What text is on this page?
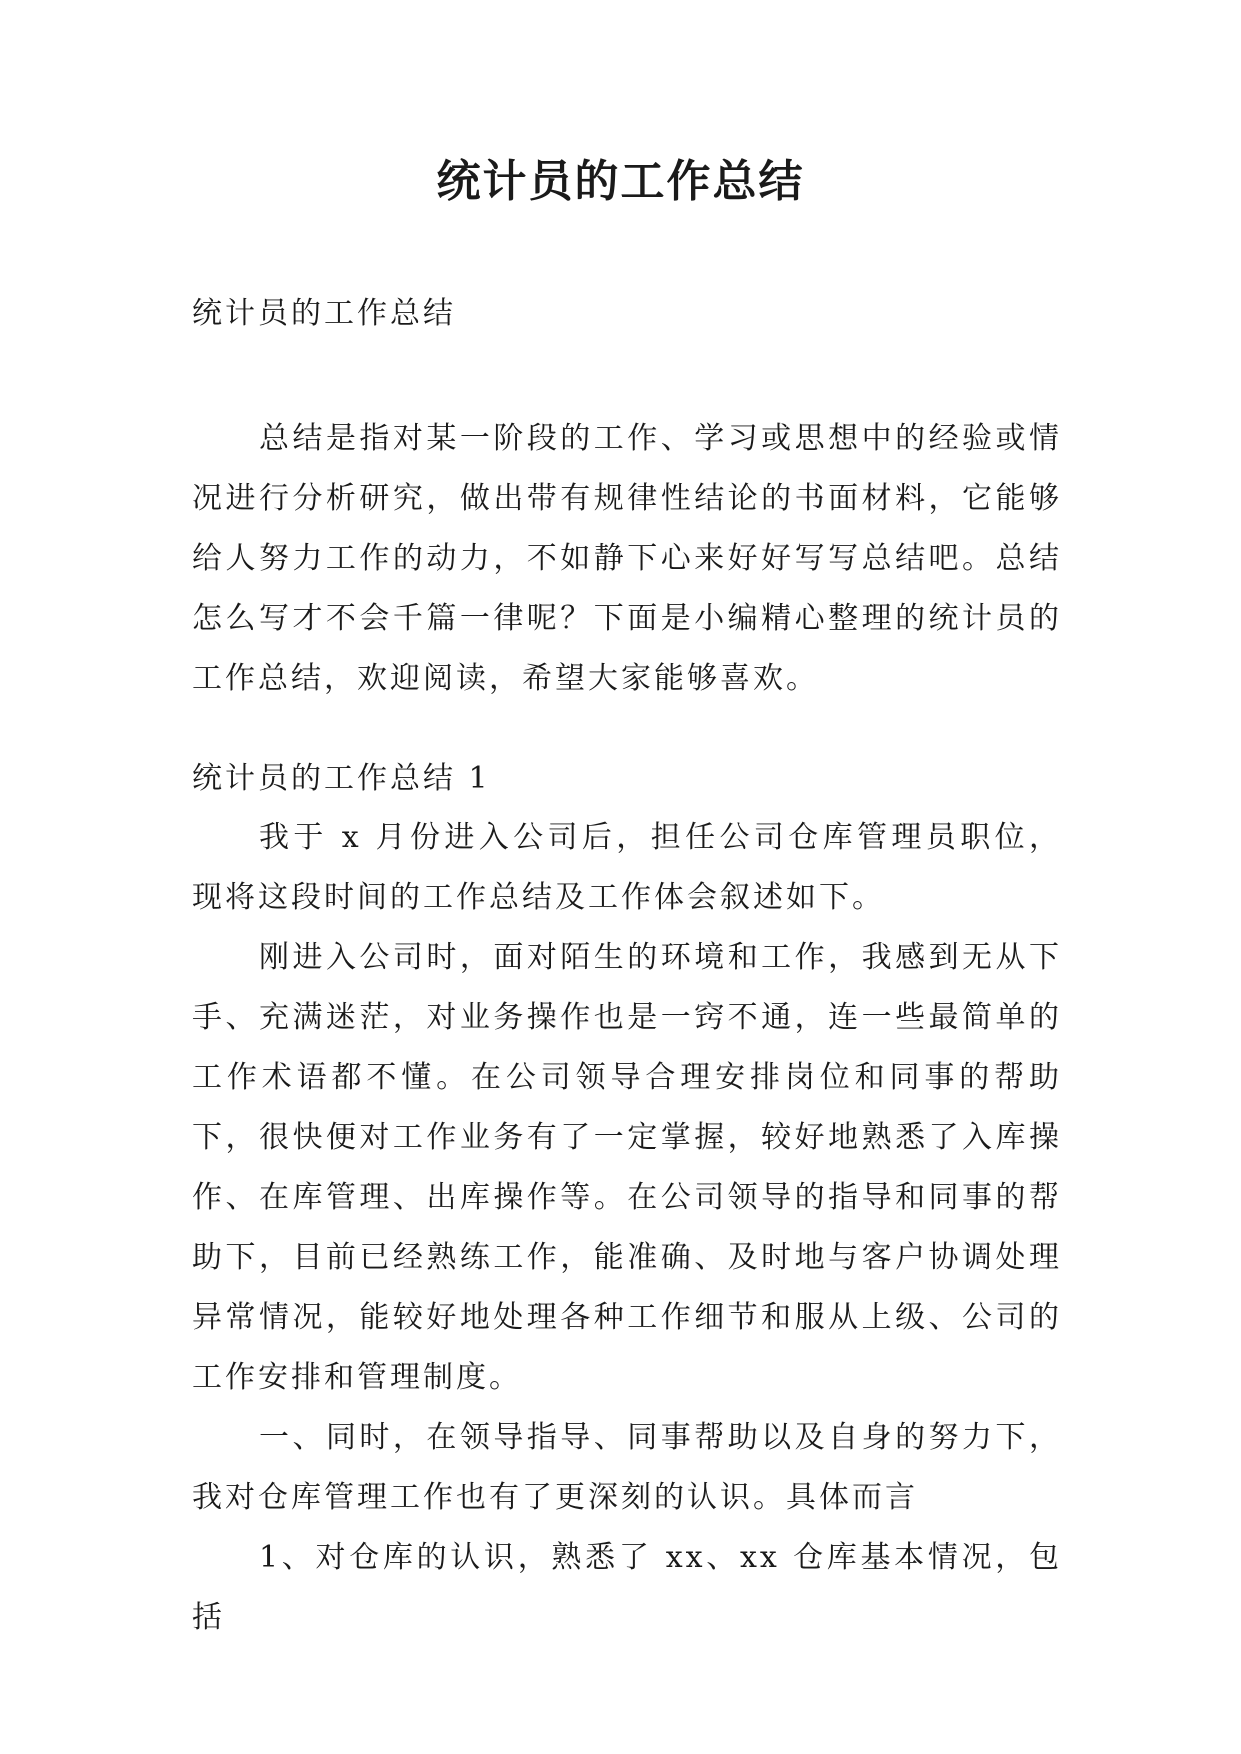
统计员的工作总结
统计员的工作总结
总结是指对某一阶段的工作、学习或思想中的经验或情况进行分析研究，做出带有规律性结论的书面材料，它能够给人努力工作的动力，不如静下心来好好写写总结吧。总结怎么写才不会千篇一律呢？下面是小编精心整理的统计员的工作总结，欢迎阅读，希望大家能够喜欢。
统计员的工作总结 1

我于 x 月份进入公司后，担任公司仓库管理员职位，现将这段时间的工作总结及工作体会叙述如下。

刚进入公司时，面对陌生的环境和工作，我感到无从下手、充满迷茫，对业务操作也是一窍不通，连一些最简单的工作术语都不懂。在公司领导合理安排岗位和同事的帮助下，很快便对工作业务有了一定掌握，较好地熟悉了入库操作、在库管理、出库操作等。在公司领导的指导和同事的帮助下，目前已经熟练工作，能准确、及时地与客户协调处理异常情况，能较好地处理各种工作细节和服从上级、公司的工作安排和管理制度。

一、同时，在领导指导、同事帮助以及自身的努力下，我对仓库管理工作也有了更深刻的认识。具体而言

1、对仓库的认识，熟悉了 xx、xx 仓库基本情况，包括
